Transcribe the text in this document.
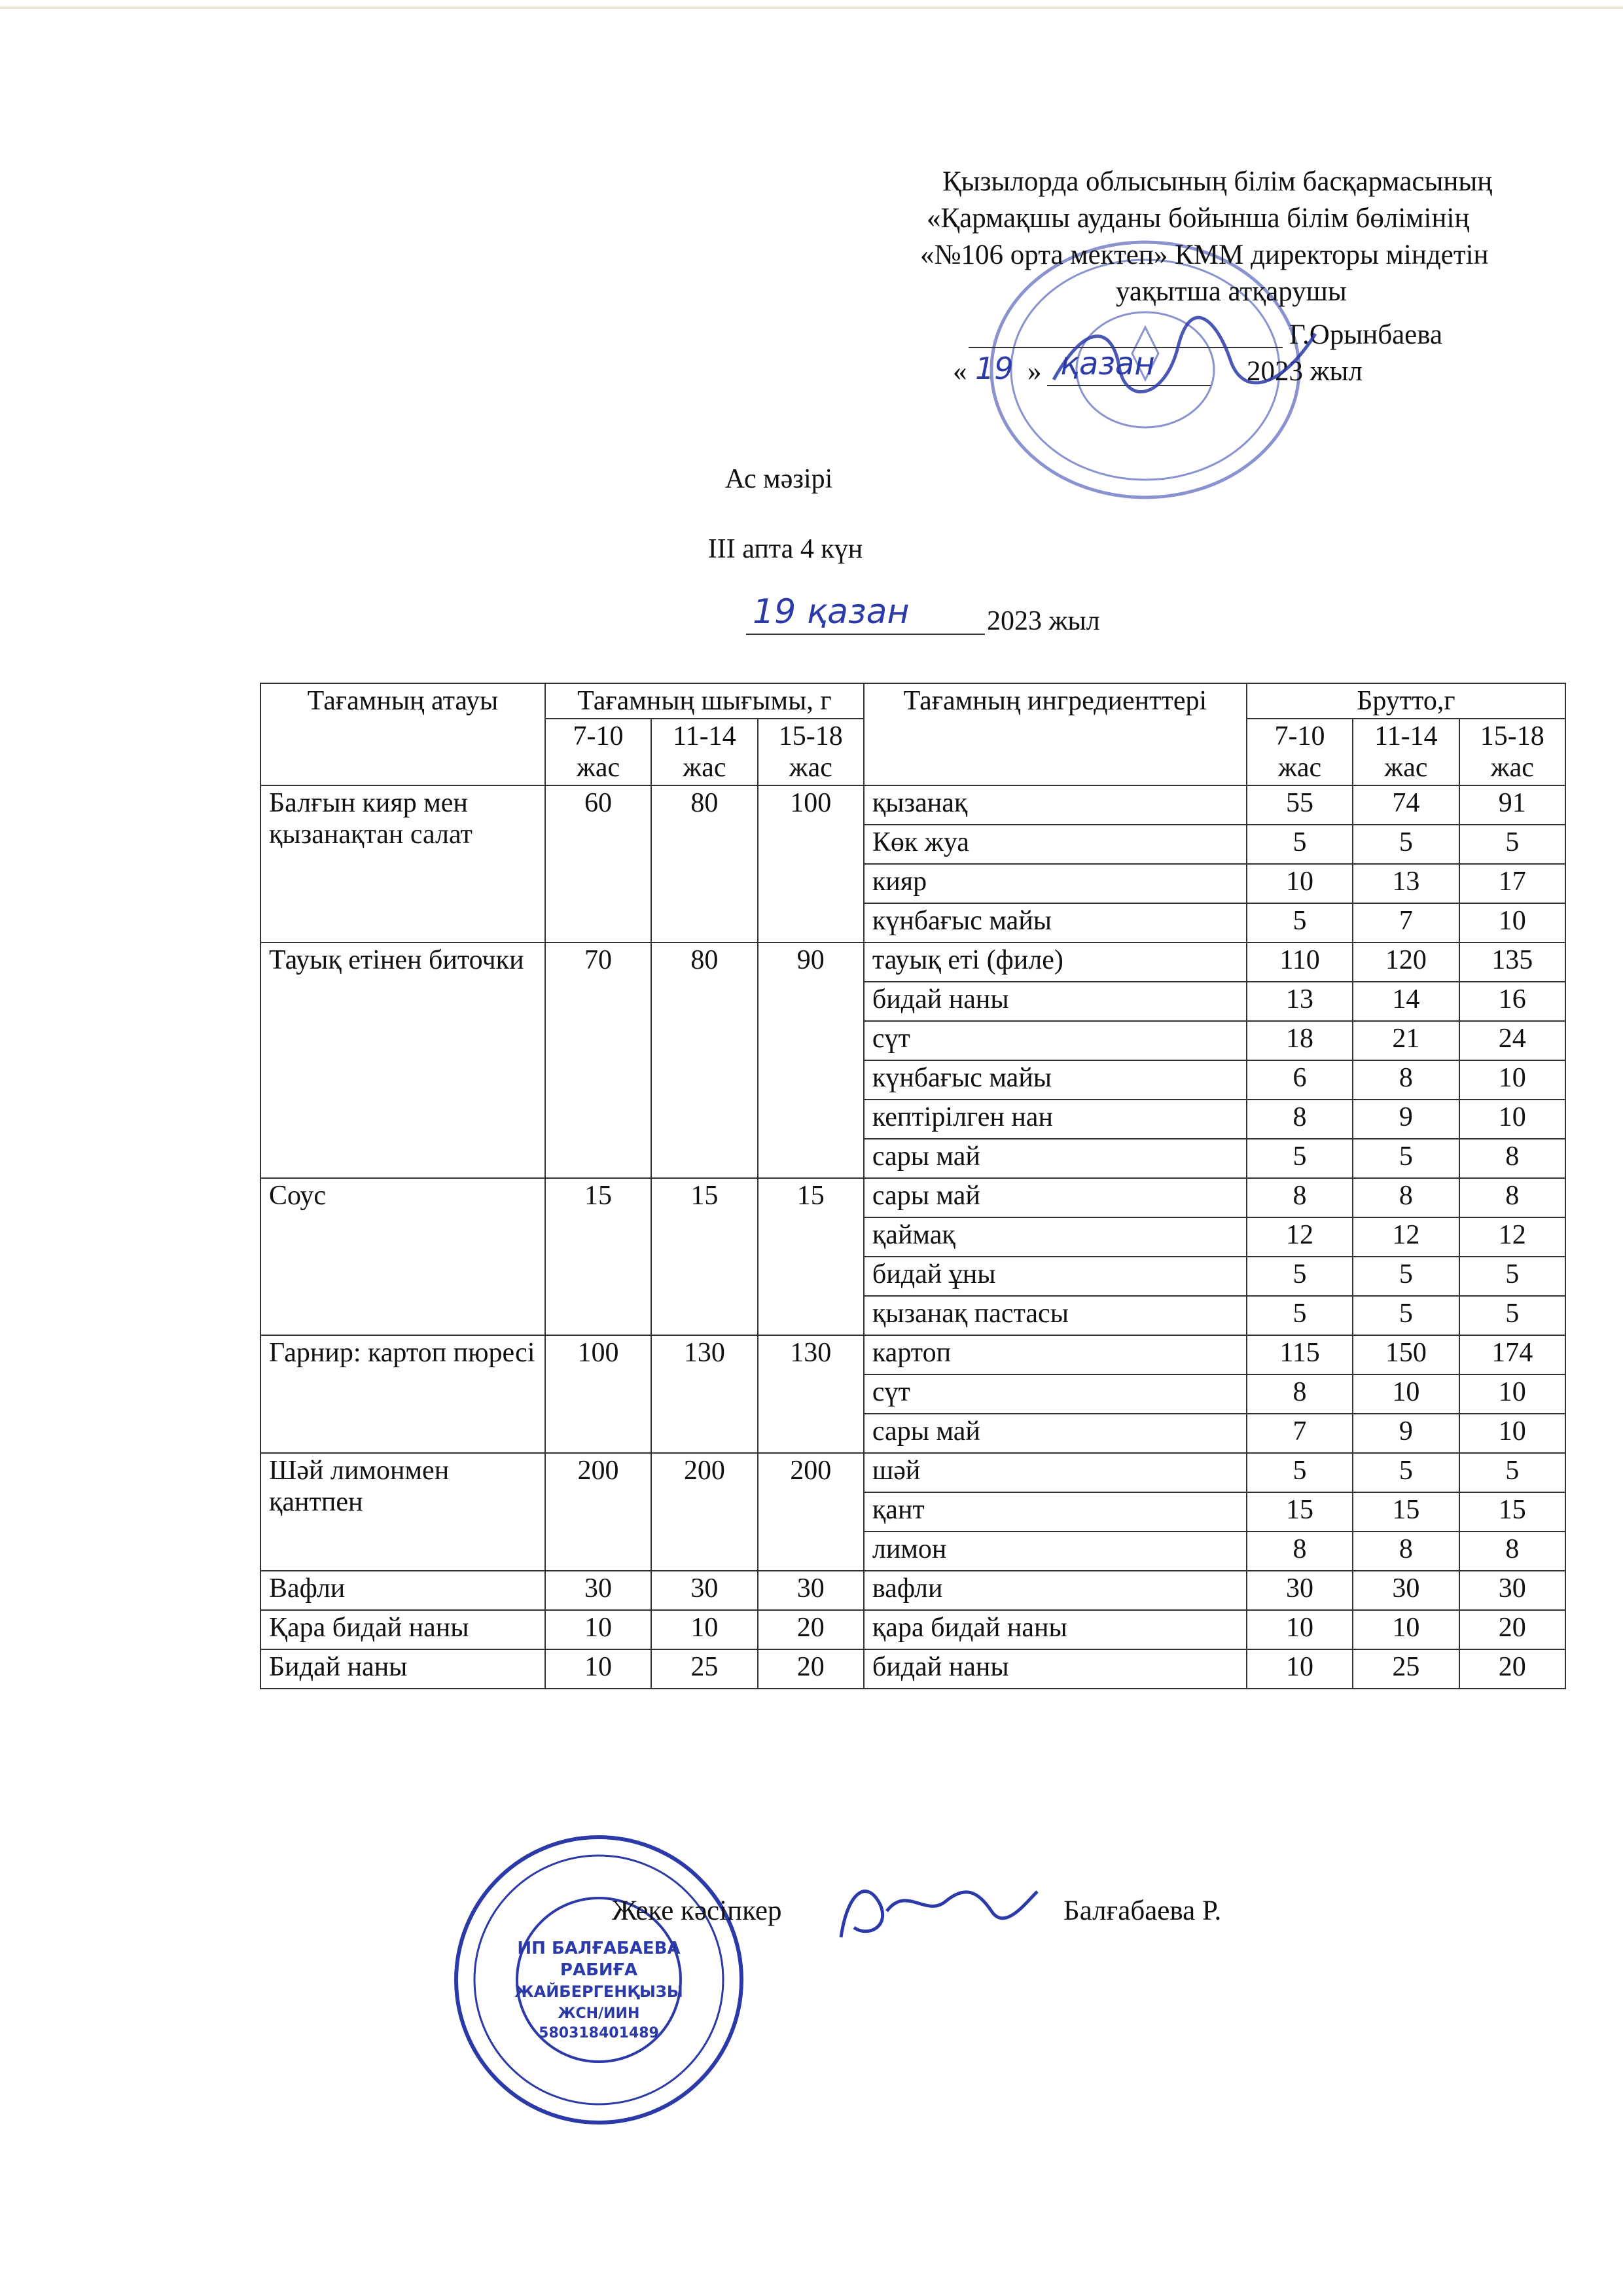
Қызылорда облысының білім басқармасының
«Қармақшы ауданы бойынша білім бөлімінің
«№106 орта мектеп» КММ директоры міндетін
уақытша атқарушы
Г.Орынбаева
« 19 » қазан	2023 жыл
Ас мәзірі
ІІІ апта 4 күн
19 қазан	2023 жыл
Тағамның атауы	Тағамның шығымы, г			Тағамның ингредиенттері	Брутто,г		
	7-10 жас	11-14 жас	15-18 жас		7-10 жас	11-14 жас	15-18 жас
Балғын кияр мен қызанақтан салат	60	80	100	қызанақ	55	74	91
				Көк жуа	5	5	5
				кияр	10	13	17
				күнбағыс майы	5	7	10
Тауық етінен биточки	70	80	90	тауық еті (филе)	110	120	135
				бидай наны	13	14	16
				сүт	18	21	24
				күнбағыс майы	6	8	10
				кептірілген нан	8	9	10
				сары май	5	5	8
Соус	15	15	15	сары май	8	8	8
				қаймақ	12	12	12
				бидай ұны	5	5	5
				қызанақ пастасы	5	5	5
Гарнир: картоп пюресі	100	130	130	картоп	115	150	174
				сүт	8	10	10
				сары май	7	9	10
Шәй лимонмен қантпен	200	200	200	шәй	5	5	5
				қант	15	15	15
				лимон	8	8	8
Вафли	30	30	30	вафли	30	30	30
Қара бидай наны	10	10	20	қара бидай наны	10	10	20
Бидай наны	10	25	20	бидай наны	10	25	20
ИП БАЛҒАБАЕВА
РАБИҒА
ЖАЙБЕРГЕНҚЫЗЫ
ЖСН/ИИН
580318401489
Жеке кәсіпкер	Балғабаева Р.
